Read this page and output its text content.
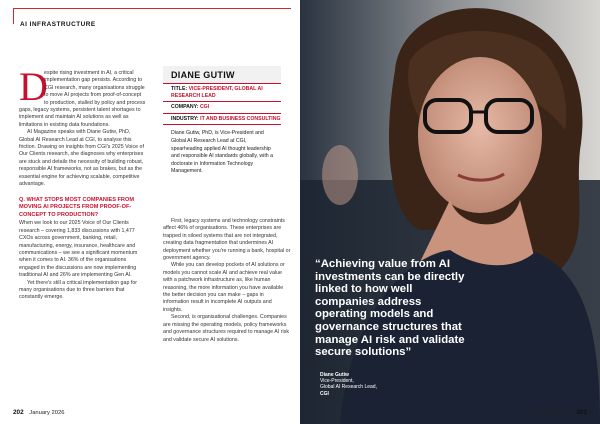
AI INFRASTRUCTURE
D

espite rising investment in AI, a critical implementation gap persists. According to CGI research, many organisations struggle to move AI projects from proof-of-concept to production, stalled by policy and process gaps, legacy systems, persistent talent shortages to implement and maintain AI solutions as well as limitations in existing data foundations.

AI Magazine speaks with Diane Gutiw, PhD, Global AI Research Lead at CGI, to analyse this friction. Drawing on insights from CGI's 2025 Voice of Our Clients research, she diagnoses why enterprises are stuck and details the necessity of building robust, responsible AI frameworks, not as brakes, but as the essential engine for achieving scalable, competitive advantage.

Q. WHAT STOPS MOST COMPANIES FROM MOVING AI PROJECTS FROM PROOF-OF-CONCEPT TO PRODUCTION?

When we look to our 2025 Voice of Our Clients research – covering 1,833 discussions with 1,477 CXOs across government, banking, retail, manufacturing, energy, insurance, healthcare and communications – we see a significant momentum when it comes to AI. 36% of the organisations engaged in the discussions are now implementing traditional AI and 26% are implementing Gen AI.

Yet there's still a critical implementation gap for many organisations due to three barriers that constantly emerge.

DIANE GUTIW
TITLE: VICE-PRESIDENT, GLOBAL AI RESEARCH LEAD
COMPANY: CGI
INDUSTRY: IT AND BUSINESS CONSULTING
Diane Gutiw, PhD, is Vice-President and Global AI Research Lead at CGI, spearheading applied AI thought leadership and responsible AI standards globally, with a doctorate in Information Technology Management.

First, legacy systems and technology constraints affect 46% of organisations. These enterprises are trapped in siloed systems that are not integrated, creating data fragmentation that undermines AI deployment whether you're running a bank, hospital or government agency.

While you can develop pockets of AI solutions or models you cannot scale AI and achieve real value with a patchwork infrastructure as, like human reasoning, the more information you have available the better decision you can make – gaps in information result in incomplete AI outputs and insights.

Second, is organisational challenges. Companies are missing the operating models, policy frameworks and governance structures required to manage AI risk and validate secure AI solutions.

202 January 2026
“Achieving value from AI investments can be directly linked to how well companies address operating models and governance structures that manage AI risk and validate secure solutions”
Diane Gutiw
Vice-President,
Global AI Research Lead,
CGI
aimagazine.com 203
